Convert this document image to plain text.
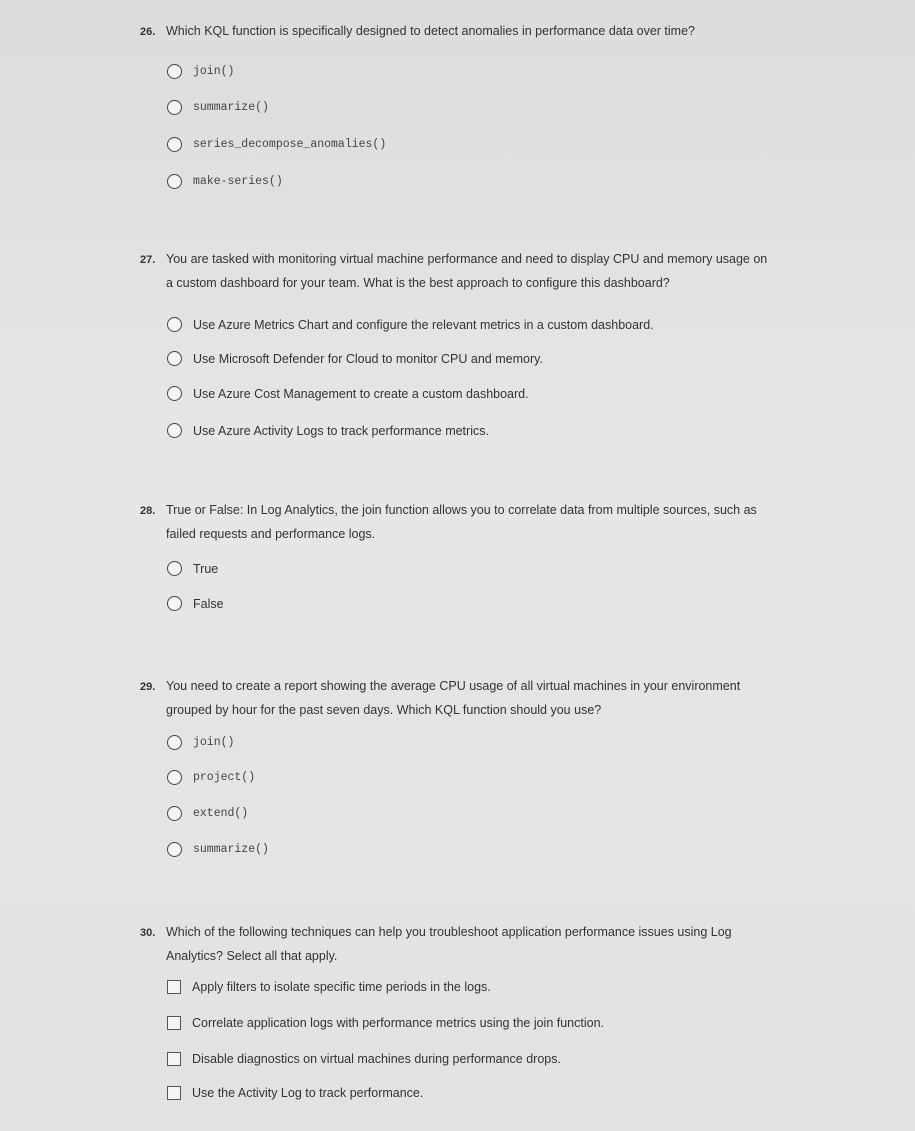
26. Which KQL function is specifically designed to detect anomalies in performance data over time?
join()
summarize()
series_decompose_anomalies()
make-series()
27. You are tasked with monitoring virtual machine performance and need to display CPU and memory usage on
a custom dashboard for your team. What is the best approach to configure this dashboard?
Use Azure Metrics Chart and configure the relevant metrics in a custom dashboard.
Use Microsoft Defender for Cloud to monitor CPU and memory.
Use Azure Cost Management to create a custom dashboard.
Use Azure Activity Logs to track performance metrics.
28. True or False: In Log Analytics, the join function allows you to correlate data from multiple sources, such as
failed requests and performance logs.
True
False
29. You need to create a report showing the average CPU usage of all virtual machines in your environment
grouped by hour for the past seven days. Which KQL function should you use?
join()
project()
extend()
summarize()
30. Which of the following techniques can help you troubleshoot application performance issues using Log
Analytics? Select all that apply.
Apply filters to isolate specific time periods in the logs.
Correlate application logs with performance metrics using the join function.
Disable diagnostics on virtual machines during performance drops.
Use the Activity Log to track performance.
